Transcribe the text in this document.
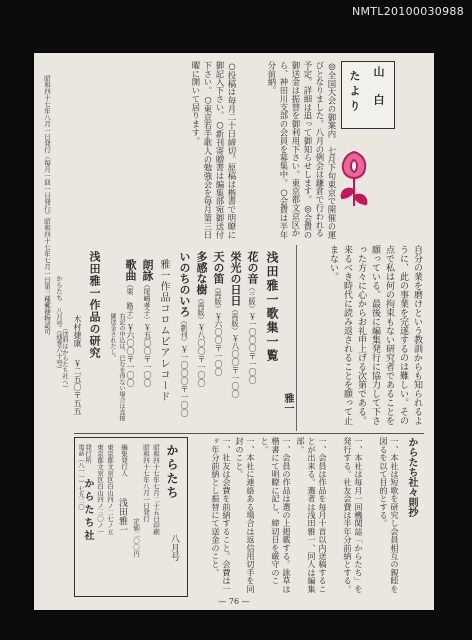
NMTL20100030988
山
白
たより
◎全国大会の御案内　七月下旬東京で開催の運びとなりました。八月の例会は鎌倉で行われる予定。詳細は追って御知らせします。◎会費の御送金は振替を御利用下さい。東京都文京区から、神田川支部の会員を募集中。○会費は半年分前納。
○投稿は毎月二十日締切。原稿は楷書で明瞭に御記入下さい。○新刊寄贈書は編集部宛御送付下さい。○東京若手歌人の勉強会を毎月第三日曜に開いて居ります。
昭和四十七年八月一日発行（毎月一回一日発行）昭和四十七年七月一日第三種郵便物認可 からたち　八月号（通巻六十号）	自分の業を磨けという教訓からも知られるように、此の事業を完遂するのは難しい。その点で私は何の拘束もない研究者であることを願っている。最後に編集発行に協力して下さった方々に心からお礼申上げる次第である。来るべき時代に読み返されることを願って止まない。
雅一
浅田雅一歌集一覧
花の音（三版）￥一〇〇〇〒一〇〇
栄光の日日（再版）￥八〇〇〒一〇〇
天の笛（再版）￥六〇〇〒一〇〇
多感な樹（再版）￥八〇〇〒一〇〇
いのちのいろ（新刊）￥一〇〇〇〒一〇〇
雅一作品コロムビアレコード
朗詠（尾崎孝子）￥五〇〇〒一〇〇
歌曲（栗　路子）￥六〇〇〒一〇〇
右記の申込は、巳むを得ない場合は直接御送金されたし。
浅田雅一作品の研究
木村捷康
￥二五〇〒五五
（送料はからたち社へ）
からたち社々則抄
一、本社は短歌を研究し会員相互の親睦を図るを以て目的とする。
一、本社は毎月一回機関誌「からたち」を発行する。社友会費は半年分前納とする。
一、会員は作品を毎月十首以内送稿することが出来る。選者は浅田雅一、同人は編集部。
一、会員の作品は選の上掲載する。詠草は楷書にて明瞭に記し、締切日を厳守のこと。
一、本社に連絡ある場合は返信用切手を同封のこと。
一、社友は会費を前納すること。会費は一ヶ年分前納とし振替にて送金のこと。
からたち
八月号
昭和四十七年七月二十五日印刷
昭和四十七年八月一日発行
定価二〇〇円
編集発行人
浅田雅一
東京都文京区白山四ノ二七ノ五
東京都文京区白山四ノ三〇ノ一
発行所
からたち社
電話（八一一）七九二〇
— 76 —
